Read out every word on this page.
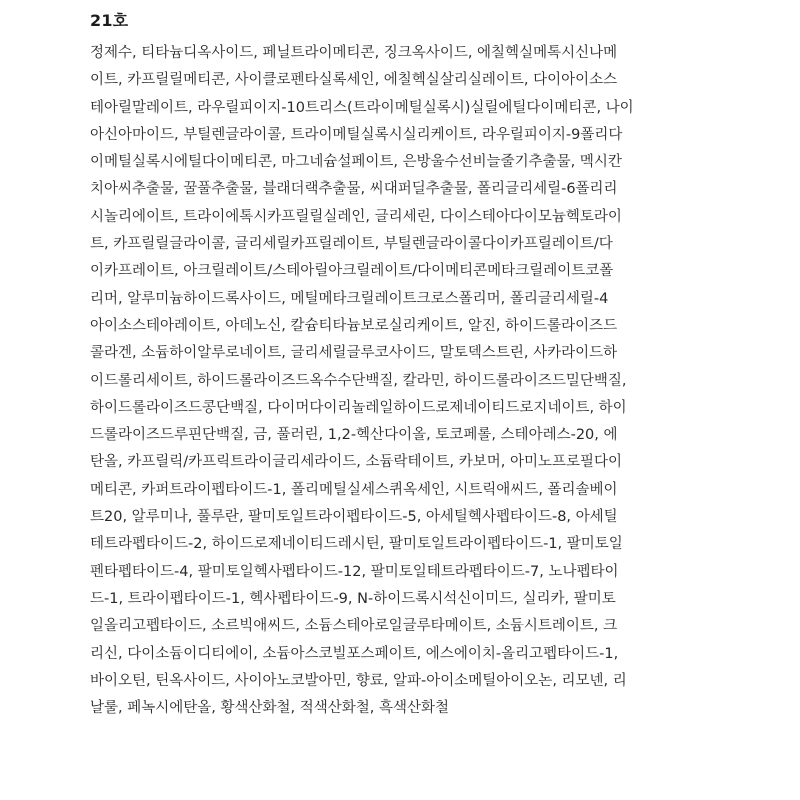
21호
정제수, 티타늄디옥사이드, 페닐트라이메티콘, 징크옥사이드, 에칠헥실메톡시신나메
이트, 카프릴릴메티콘, 사이클로펜타실록세인, 에칠헥실살리실레이트, 다이아이소스
테아릴말레이트, 라우릴피이지-10트리스(트라이메틸실록시)실릴에틸다이메티콘, 나이
아신아마이드, 부틸렌글라이콜, 트라이메틸실록시실리케이트, 라우릴피이지-9폴리다
이메틸실록시에틸다이메티콘, 마그네슘설페이트, 은방울수선비늘줄기추출물, 멕시칸
치아씨추출물, 꿀풀추출물, 블래더랙추출물, 씨대퍼딜추출물, 폴리글리세릴-6폴리리
시놀리에이트, 트라이에톡시카프릴릴실레인, 글리세린, 다이스테아다이모늄헥토라이
트, 카프릴릴글라이콜, 글리세릴카프릴레이트, 부틸렌글라이콜다이카프릴레이트/다
이카프레이트, 아크릴레이트/스테아릴아크릴레이트/다이메티콘메타크릴레이트코폴
리머, 알루미늄하이드록사이드, 메틸메타크릴레이트크로스폴리머, 폴리글리세릴-4
아이소스테아레이트, 아데노신, 칼슘티타늄보로실리케이트, 알진, 하이드롤라이즈드
콜라겐, 소듐하이알루로네이트, 글리세릴글루코사이드, 말토덱스트린, 사카라이드하
이드롤리세이트, 하이드롤라이즈드옥수수단백질, 칼라민, 하이드롤라이즈드밀단백질,
하이드롤라이즈드콩단백질, 다이머다이리놀레일하이드로제네이티드로지네이트, 하이
드롤라이즈드루핀단백질, 금, 풀러린, 1,2-헥산다이올, 토코페롤, 스테아레스-20, 에
탄올, 카프릴릭/카프릭트라이글리세라이드, 소듐락테이트, 카보머, 아미노프로필다이
메티콘, 카퍼트라이펩타이드-1, 폴리메틸실세스퀴옥세인, 시트릭애씨드, 폴리솔베이
트20, 알루미나, 풀루란, 팔미토일트라이펩타이드-5, 아세틸헥사펩타이드-8, 아세틸
테트라펩타이드-2, 하이드로제네이티드레시틴, 팔미토일트라이펩타이드-1, 팔미토일
펜타펩타이드-4, 팔미토일헥사펩타이드-12, 팔미토일테트라펩타이드-7, 노나펩타이
드-1, 트라이펩타이드-1, 헥사펩타이드-9, N-하이드록시석신이미드, 실리카, 팔미토
일올리고펩타이드, 소르빅애씨드, 소듐스테아로일글루타메이트, 소듐시트레이트, 크
리신, 다이소듐이디티에이, 소듐아스코빌포스페이트, 에스에이치-올리고펩타이드-1,
바이오틴, 틴옥사이드, 사이아노코발아민, 향료, 알파-아이소메틸아이오논, 리모넨, 리
날룰, 페녹시에탄올, 황색산화철, 적색산화철, 흑색산화철
